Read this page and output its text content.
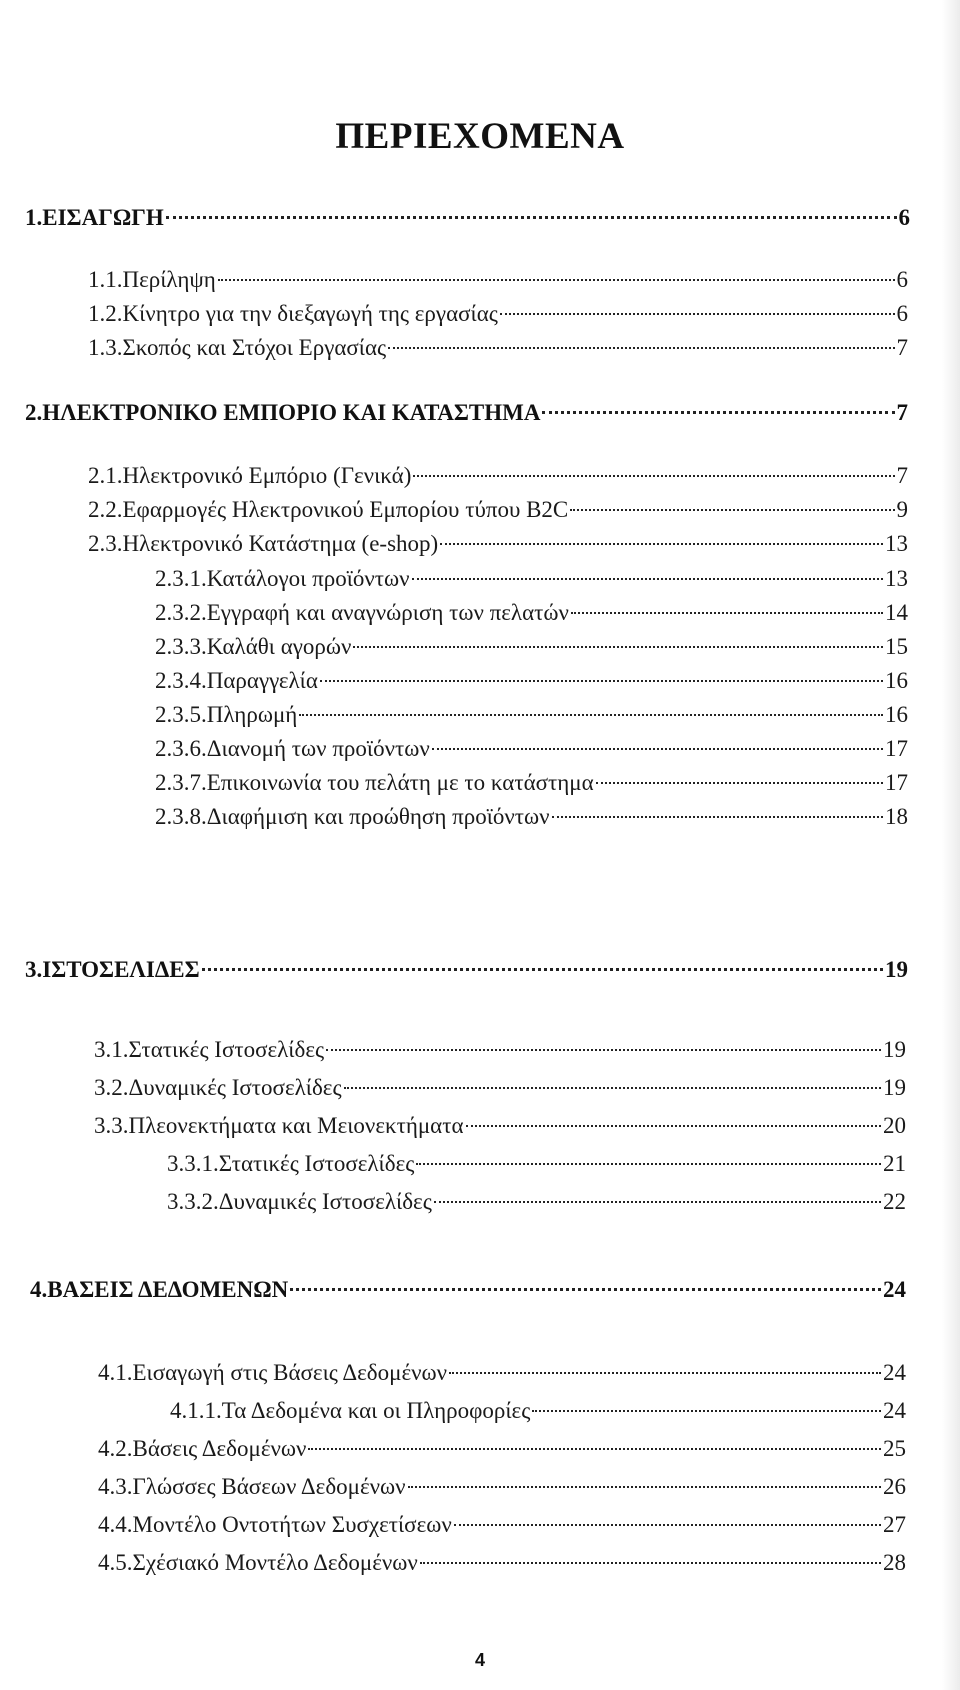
ΠΕΡΙΕΧΟΜΕΝΑ
1.ΕΙΣΑΓΩΓΗ	6
1.1.Περίληψη	6
1.2.Κίνητρο για την διεξαγωγή της εργασίας	6
1.3.Σκοπός και Στόχοι Εργασίας	7
2.ΗΛΕΚΤΡΟΝΙΚΟ ΕΜΠΟΡΙΟ ΚΑΙ ΚΑΤΑΣΤΗΜΑ	7
2.1.Ηλεκτρονικό Εμπόριο (Γενικά)	7
2.2.Εφαρμογές Ηλεκτρονικού Εμπορίου τύπου B2C	9
2.3.Ηλεκτρονικό Κατάστημα (e-shop)	13
2.3.1.Κατάλογοι προϊόντων	13
2.3.2.Εγγραφή και αναγνώριση των πελατών	14
2.3.3.Καλάθι αγορών	15
2.3.4.Παραγγελία	16
2.3.5.Πληρωμή	16
2.3.6.Διανομή των προϊόντων	17
2.3.7.Επικοινωνία του πελάτη με το κατάστημα	17
2.3.8.Διαφήμιση και προώθηση προϊόντων	18
3.ΙΣΤΟΣΕΛΙΔΕΣ	19
3.1.Στατικές Ιστοσελίδες	19
3.2.Δυναμικές Ιστοσελίδες	19
3.3.Πλεονεκτήματα και Μειονεκτήματα	20
3.3.1.Στατικές Ιστοσελίδες	21
3.3.2.Δυναμικές Ιστοσελίδες	22
4.ΒΑΣΕΙΣ ΔΕΔΟΜΕΝΩΝ	24
4.1.Εισαγωγή στις Βάσεις Δεδομένων	24
4.1.1.Τα Δεδομένα και οι Πληροφορίες	24
4.2.Βάσεις Δεδομένων	25
4.3.Γλώσσες Βάσεων Δεδομένων	26
4.4.Μοντέλο Οντοτήτων Συσχετίσεων	27
4.5.Σχέσιακό Μοντέλο Δεδομένων	28
4
